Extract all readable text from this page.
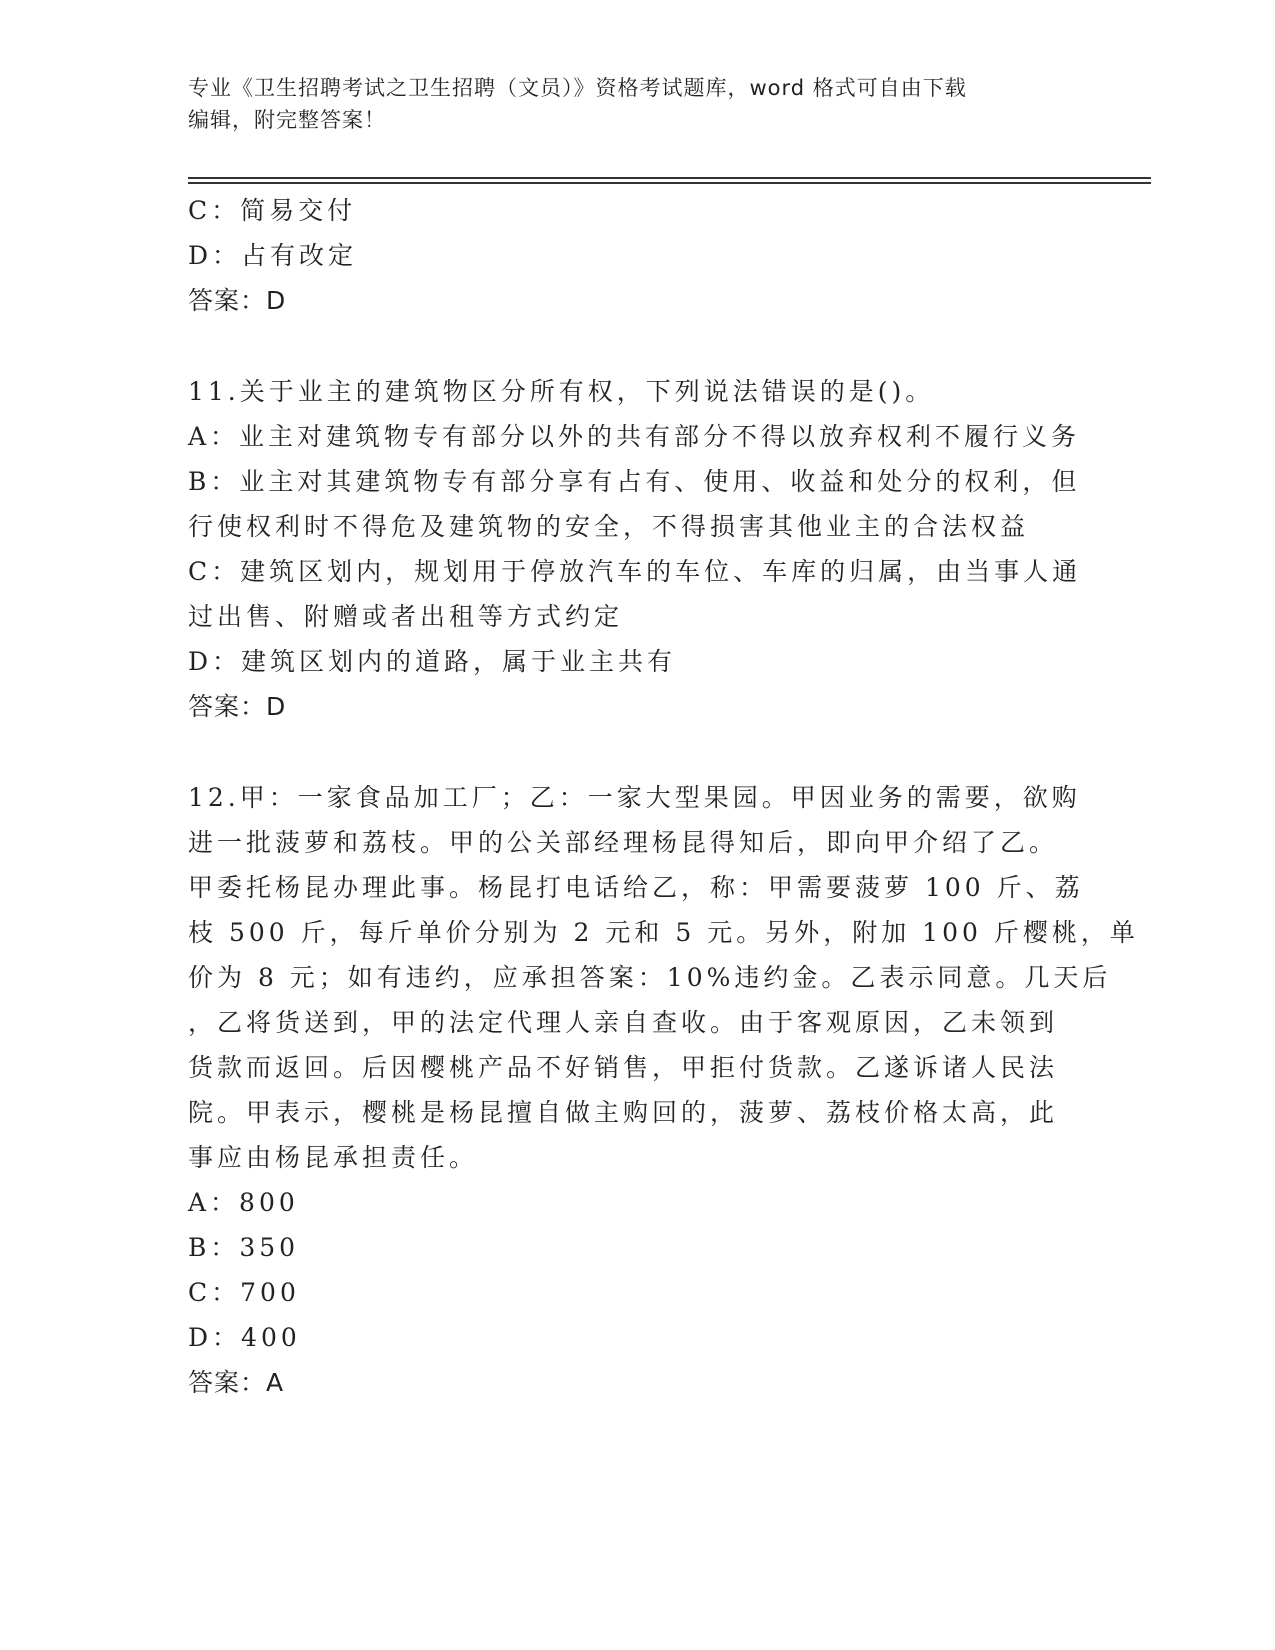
专业《卫生招聘考试之卫生招聘（文员）》资格考试题库，word 格式可自由下载
编辑，附完整答案！
C：简易交付
D：占有改定
答案：D
11.关于业主的建筑物区分所有权，下列说法错误的是()。
A：业主对建筑物专有部分以外的共有部分不得以放弃权利不履行义务
B：业主对其建筑物专有部分享有占有、使用、收益和处分的权利，但
行使权利时不得危及建筑物的安全，不得损害其他业主的合法权益
C：建筑区划内，规划用于停放汽车的车位、车库的归属，由当事人通
过出售、附赠或者出租等方式约定
D：建筑区划内的道路，属于业主共有
答案：D
12.甲：一家食品加工厂；乙：一家大型果园。甲因业务的需要，欲购
进一批菠萝和荔枝。甲的公关部经理杨昆得知后，即向甲介绍了乙。
甲委托杨昆办理此事。杨昆打电话给乙，称：甲需要菠萝 100 斤、荔
枝 500 斤，每斤单价分别为 2 元和 5 元。另外，附加 100 斤樱桃，单
价为 8 元；如有违约，应承担答案：10%违约金。乙表示同意。几天后
，乙将货送到，甲的法定代理人亲自查收。由于客观原因，乙未领到
货款而返回。后因樱桃产品不好销售，甲拒付货款。乙遂诉诸人民法
院。甲表示，樱桃是杨昆擅自做主购回的，菠萝、荔枝价格太高，此
事应由杨昆承担责任。
A：800
B：350
C：700
D：400
答案：A
